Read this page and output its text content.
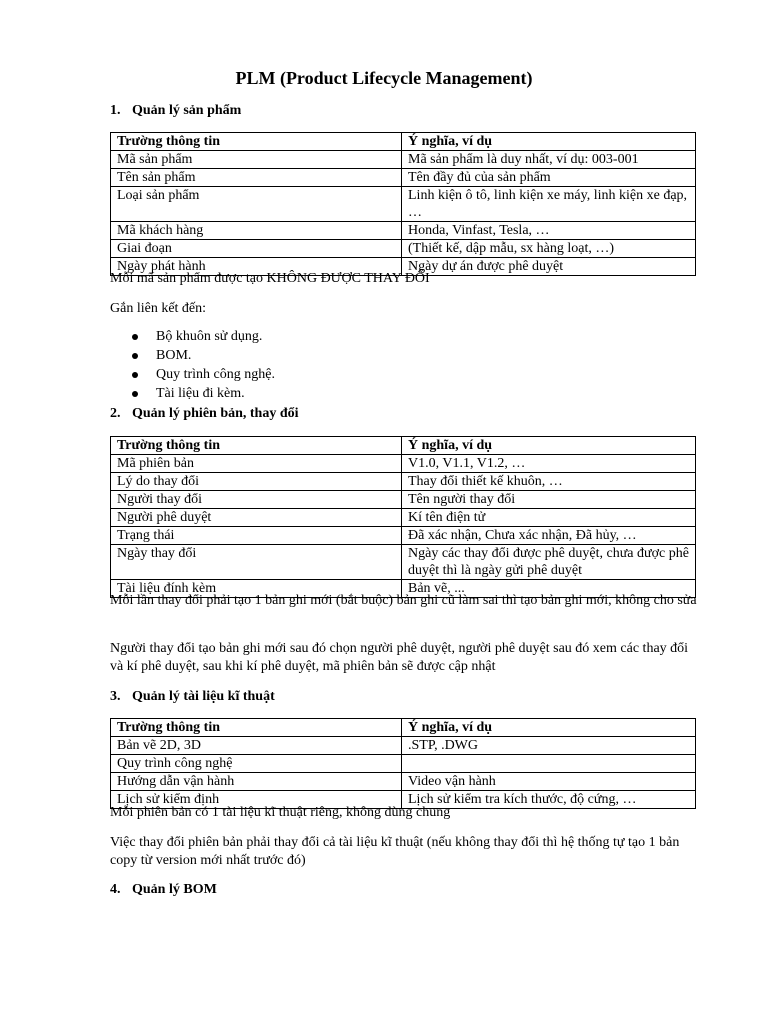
PLM (Product Lifecycle Management)
1. Quản lý sản phẩm
Trường thông tin	Ý nghĩa, ví dụ
Mã sản phẩm	Mã sản phẩm là duy nhất, ví dụ: 003-001
Tên sản phẩm	Tên đầy đủ của sản phẩm
Loại sản phẩm	Linh kiện ô tô, linh kiện xe máy, linh kiện xe đạp, …
Mã khách hàng	Honda, Vinfast, Tesla, …
Giai đoạn	(Thiết kế, dập mẫu, sx hàng loạt, …)
Ngày phát hành	Ngày dự án được phê duyệt
Mỗi mã sản phẩm được tạo KHÔNG ĐƯỢC THAY ĐỔI
Gắn liên kết đến:
Bộ khuôn sử dụng.
BOM.
Quy trình công nghệ.
Tài liệu đi kèm.
2. Quản lý phiên bản, thay đổi
Trường thông tin	Ý nghĩa, ví dụ
Mã phiên bản	V1.0, V1.1, V1.2, …
Lý do thay đổi	Thay đổi thiết kế khuôn, …
Người thay đổi	Tên người thay đổi
Người phê duyệt	Kí tên điện tử
Trạng thái	Đã xác nhận, Chưa xác nhận, Đã hủy, …
Ngày thay đổi	Ngày các thay đổi được phê duyệt, chưa được phê duyệt thì là ngày gửi phê duyệt
Tài liệu đính kèm	Bản vẽ, ...
Mỗi lần thay đổi phải tạo 1 bản ghi mới (bắt buộc) bản ghi cũ làm sai thì tạo bản ghi mới, không cho sửa
Người thay đổi tạo bản ghi mới sau đó chọn người phê duyệt, người phê duyệt sau đó xem các thay đổi và kí phê duyệt, sau khi kí phê duyệt, mã phiên bản sẽ được cập nhật
3. Quản lý tài liệu kĩ thuật
Trường thông tin	Ý nghĩa, ví dụ
Bản vẽ 2D, 3D	.STP, .DWG
Quy trình công nghệ	
Hướng dẫn vận hành	Video vận hành
Lịch sử kiểm định	Lịch sử kiểm tra kích thước, độ cứng, …
Mỗi phiên bản có 1 tài liệu kĩ thuật riêng, không dùng chung
Việc thay đổi phiên bản phải thay đổi cả tài liệu kĩ thuật (nếu không thay đổi thì hệ thống tự tạo 1 bản copy từ version mới nhất trước đó)
4. Quản lý BOM
